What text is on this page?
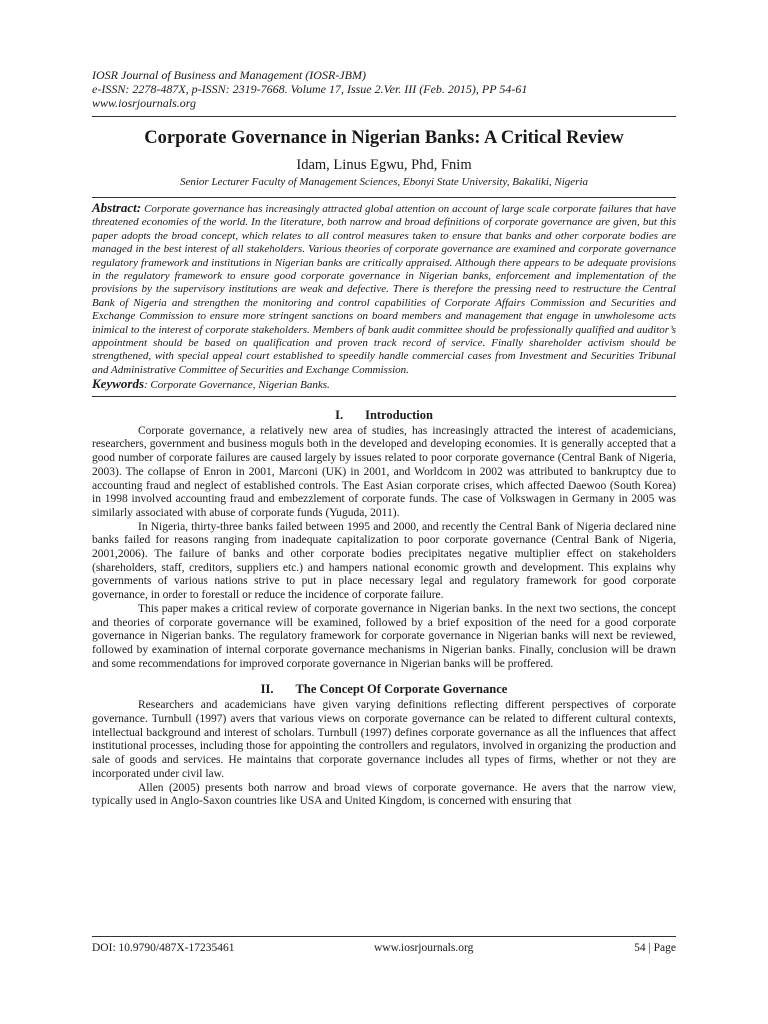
IOSR Journal of Business and Management (IOSR-JBM)
e-ISSN: 2278-487X, p-ISSN: 2319-7668. Volume 17, Issue 2.Ver. III (Feb. 2015), PP 54-61
www.iosrjournals.org
Corporate Governance in Nigerian Banks: A Critical Review
Idam, Linus Egwu, Phd, Fnim
Senior Lecturer Faculty of Management Sciences, Ebonyi State University, Bakaliki, Nigeria

Abstract: Corporate governance has increasingly attracted global attention on account of large scale corporate failures that have threatened economies of the world. In the literature, both narrow and broad definitions of corporate governance are given, but this paper adopts the broad concept, which relates to all control measures taken to ensure that banks and other corporate bodies are managed in the best interest of all stakeholders. Various theories of corporate governance are examined and corporate governance regulatory framework and institutions in Nigerian banks are critically appraised. Although there appears to be adequate provisions in the regulatory framework to ensure good corporate governance in Nigerian banks, enforcement and implementation of the provisions by the supervisory institutions are weak and defective. There is therefore the pressing need to restructure the Central Bank of Nigeria and strengthen the monitoring and control capabilities of Corporate Affairs Commission and Securities and Exchange Commission to ensure more stringent sanctions on board members and management that engage in unwholesome acts inimical to the interest of corporate stakeholders. Members of bank audit committee should be professionally qualified and auditor’s appointment should be based on qualification and proven track record of service. Finally shareholder activism should be strengthened, with special appeal court established to speedily handle commercial cases from Investment and Securities Tribunal and Administrative Committee of Securities and Exchange Commission.

Keywords: Corporate Governance, Nigerian Banks.

I. Introduction

Corporate governance, a relatively new area of studies, has increasingly attracted the interest of academicians, researchers, government and business moguls both in the developed and developing economies. It is generally accepted that a good number of corporate failures are caused largely by issues related to poor corporate governance (Central Bank of Nigeria, 2003). The collapse of Enron in 2001, Marconi (UK) in 2001, and Worldcom in 2002 was attributed to bankruptcy due to accounting fraud and neglect of established controls. The East Asian corporate crises, which affected Daewoo (South Korea) in 1998 involved accounting fraud and embezzlement of corporate funds. The case of Volkswagen in Germany in 2005 was similarly associated with abuse of corporate funds (Yuguda, 2011).

In Nigeria, thirty-three banks failed between 1995 and 2000, and recently the Central Bank of Nigeria declared nine banks failed for reasons ranging from inadequate capitalization to poor corporate governance (Central Bank of Nigeria, 2001,2006). The failure of banks and other corporate bodies precipitates negative multiplier effect on stakeholders (shareholders, staff, creditors, suppliers etc.) and hampers national economic growth and development. This explains why governments of various nations strive to put in place necessary legal and regulatory framework for good corporate governance, in order to forestall or reduce the incidence of corporate failure.

This paper makes a critical review of corporate governance in Nigerian banks. In the next two sections, the concept and theories of corporate governance will be examined, followed by a brief exposition of the need for a good corporate governance in Nigerian banks. The regulatory framework for corporate governance in Nigerian banks will next be reviewed, followed by examination of internal corporate governance mechanisms in Nigerian banks. Finally, conclusion will be drawn and some recommendations for improved corporate governance in Nigerian banks will be proffered.

II. The Concept Of Corporate Governance

Researchers and academicians have given varying definitions reflecting different perspectives of corporate governance. Turnbull (1997) avers that various views on corporate governance can be related to different cultural contexts, intellectual background and interest of scholars. Turnbull (1997) defines corporate governance as all the influences that affect institutional processes, including those for appointing the controllers and regulators, involved in organizing the production and sale of goods and services. He maintains that corporate governance includes all types of firms, whether or not they are incorporated under civil law.

Allen (2005) presents both narrow and broad views of corporate governance. He avers that the narrow view, typically used in Anglo-Saxon countries like USA and United Kingdom, is concerned with ensuring that

DOI: 10.9790/487X-17235461	www.iosrjournals.org	54 | Page
